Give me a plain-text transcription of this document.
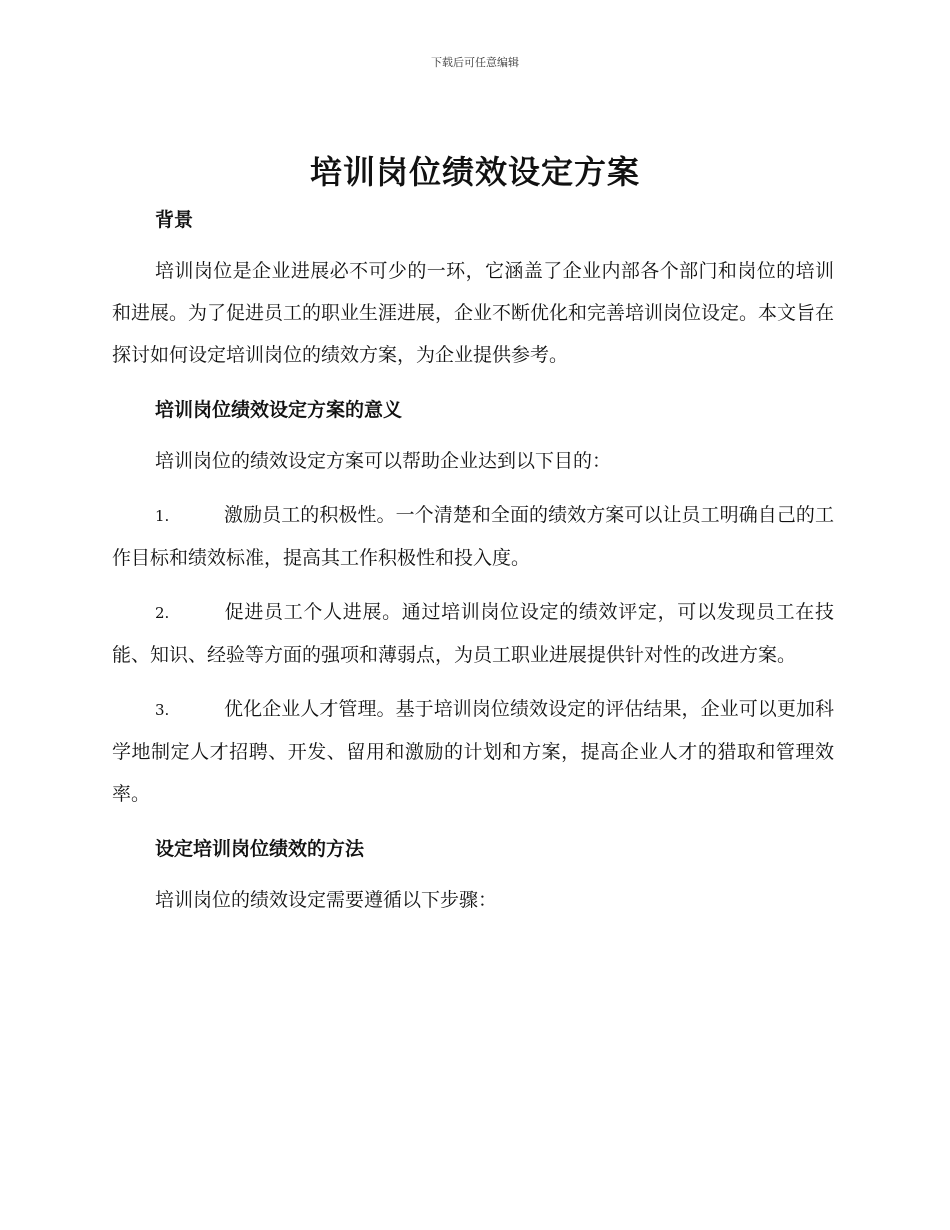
下载后可任意编辑
培训岗位绩效设定方案
背景

培训岗位是企业进展必不可少的一环，它涵盖了企业内部各个部门和岗位的培训和进展。为了促进员工的职业生涯进展，企业不断优化和完善培训岗位设定。本文旨在探讨如何设定培训岗位的绩效方案，为企业提供参考。

培训岗位绩效设定方案的意义

培训岗位的绩效设定方案可以帮助企业达到以下目的：

1.	激励员工的积极性。一个清楚和全面的绩效方案可以让员工明确自己的工作目标和绩效标准，提高其工作积极性和投入度。

2.	促进员工个人进展。通过培训岗位设定的绩效评定，可以发现员工在技能、知识、经验等方面的强项和薄弱点，为员工职业进展提供针对性的改进方案。

3.	优化企业人才管理。基于培训岗位绩效设定的评估结果，企业可以更加科学地制定人才招聘、开发、留用和激励的计划和方案，提高企业人才的猎取和管理效率。

设定培训岗位绩效的方法

培训岗位的绩效设定需要遵循以下步骤：
